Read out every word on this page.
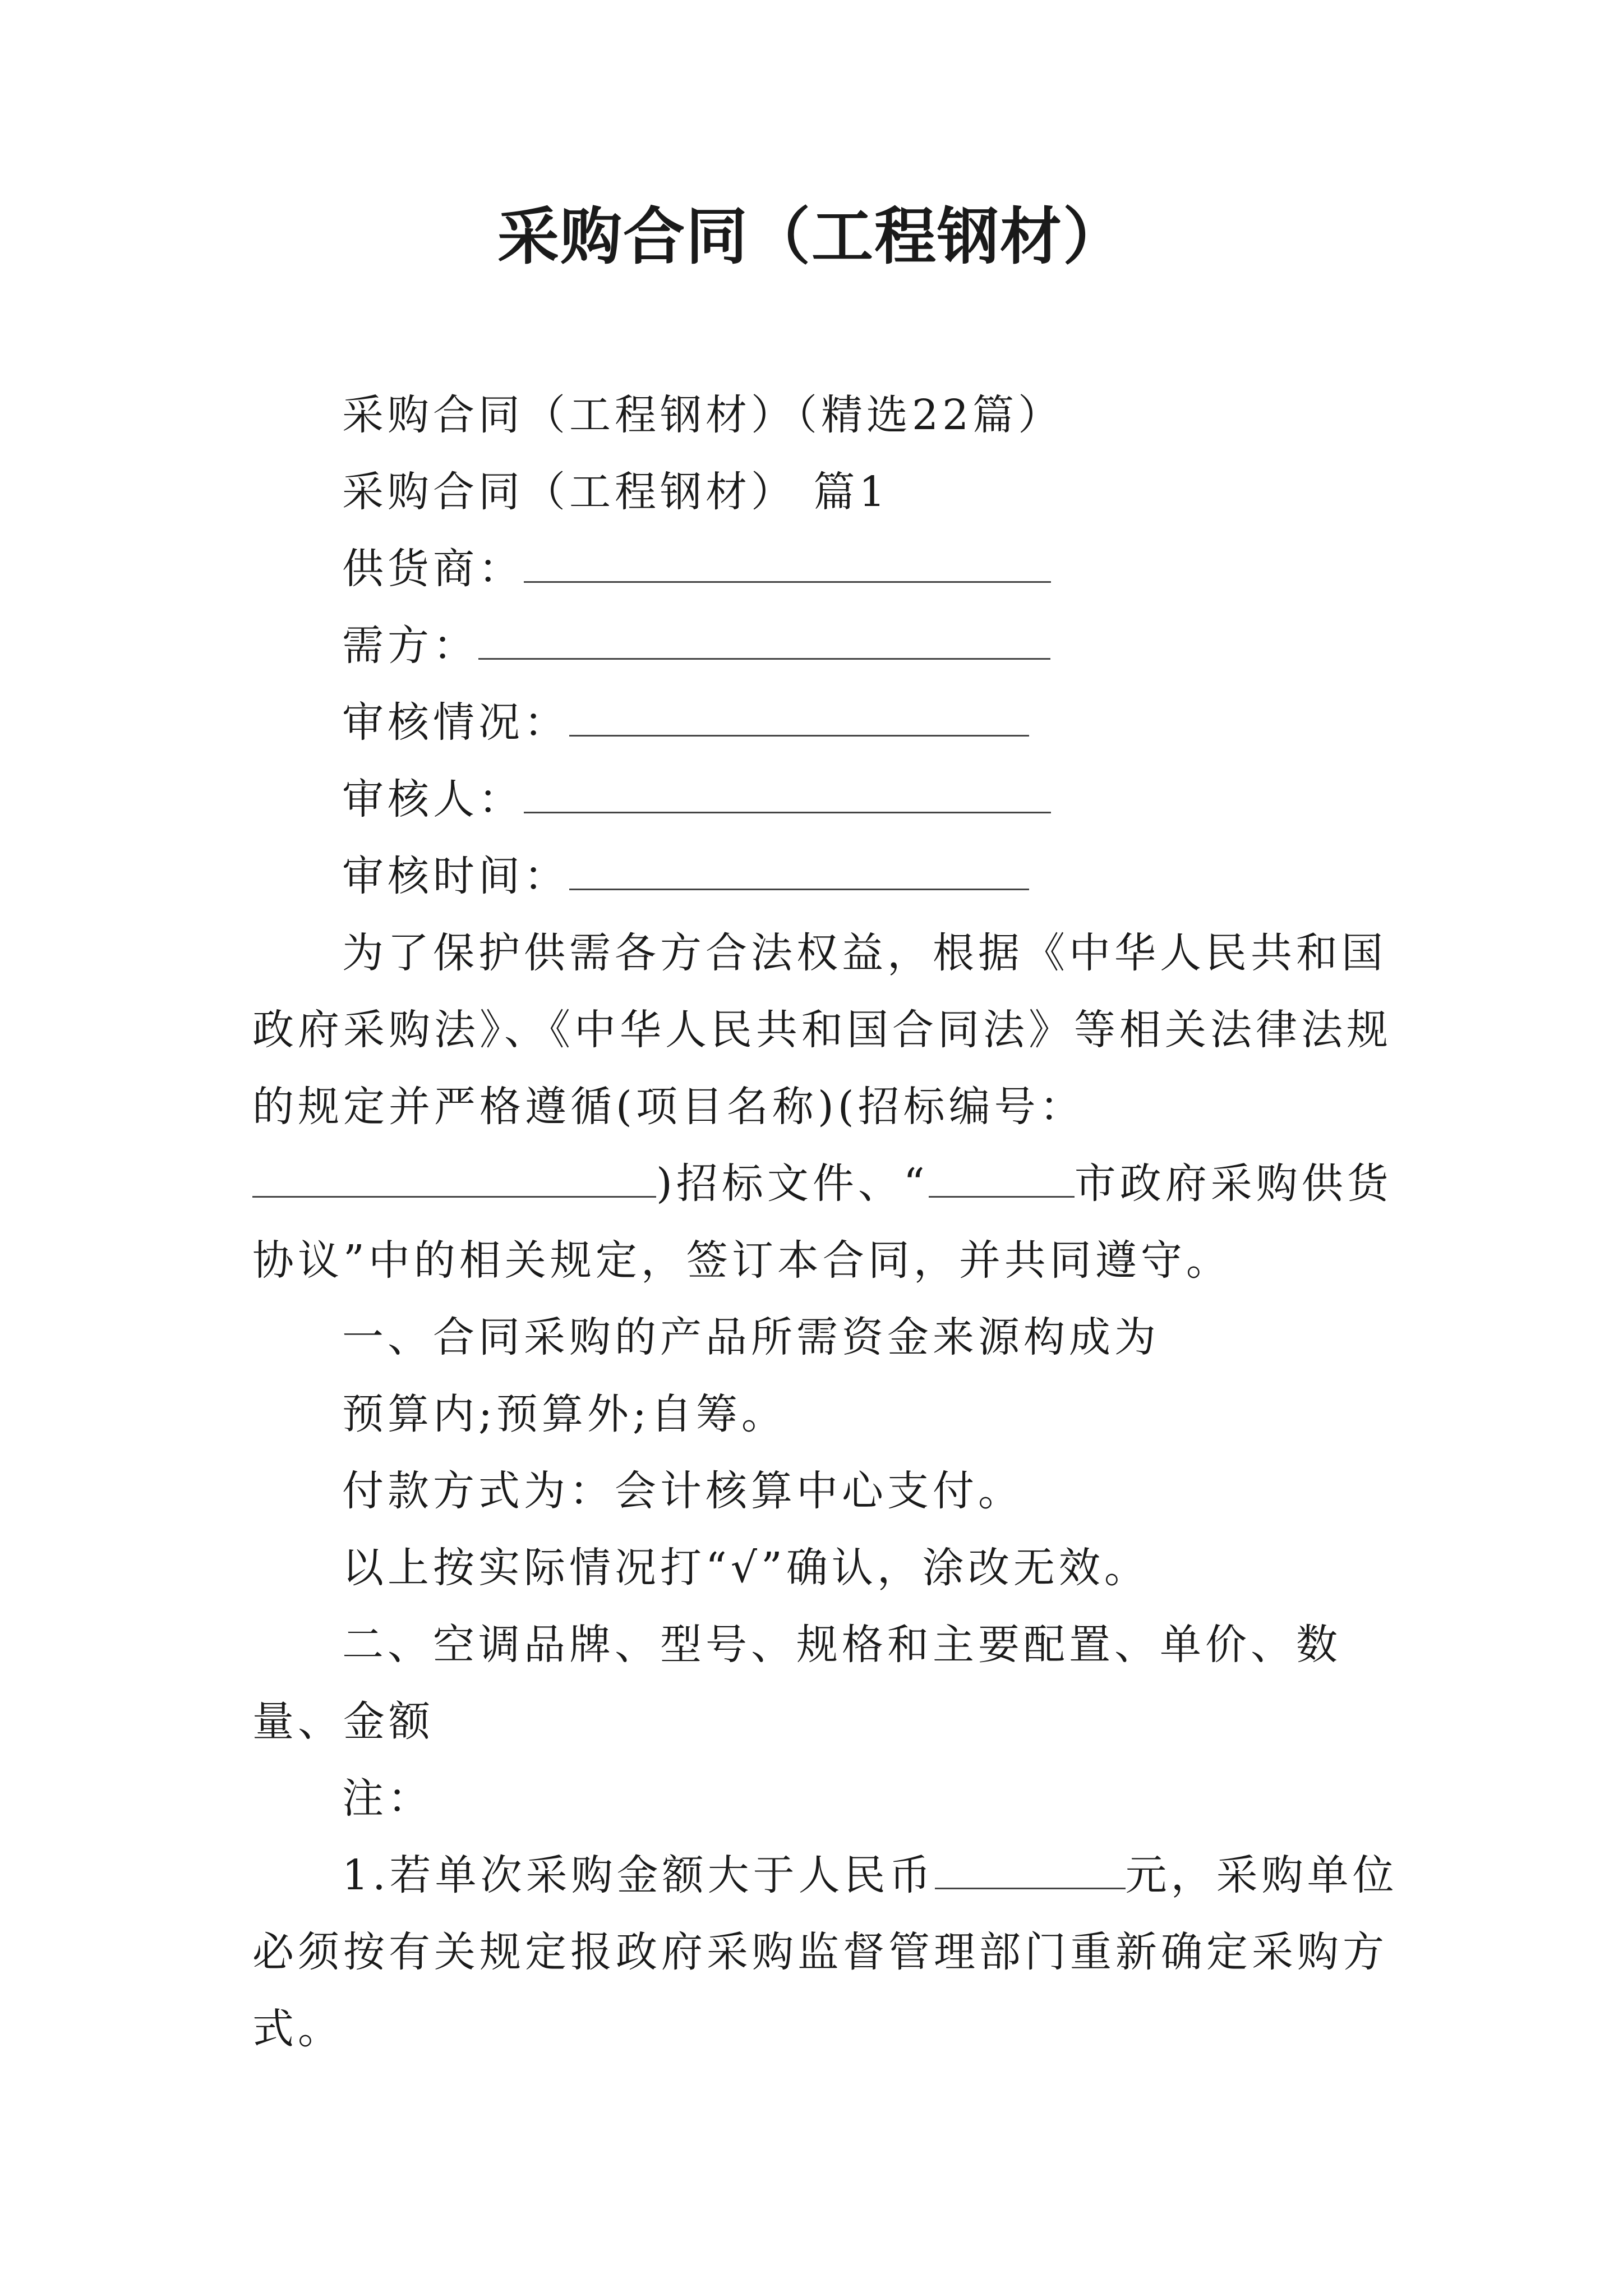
采购合同（工程钢材）

采购合同（工程钢材）（精选22篇）

采购合同（工程钢材） 篇1

供货商：

需方：

审核情况：

审核人：

审核时间：

为了保护供需各方合法权益，根据《中华人民共和国政府采购法》、《中华人民共和国合同法》等相关法律法规的规定并严格遵循(项目名称)(招标编号：)招标文件、“	市政府采购供货协议”中的相关规定，签订本合同，并共同遵守。

一、合同采购的产品所需资金来源构成为

预算内;预算外;自筹。

付款方式为：会计核算中心支付。

以上按实际情况打“√”确认，涂改无效。

二、空调品牌、型号、规格和主要配置、单价、数量、金额

注：

1.若单次采购金额大于人民币	元，采购单位必须按有关规定报政府采购监督管理部门重新确定采购方式。
